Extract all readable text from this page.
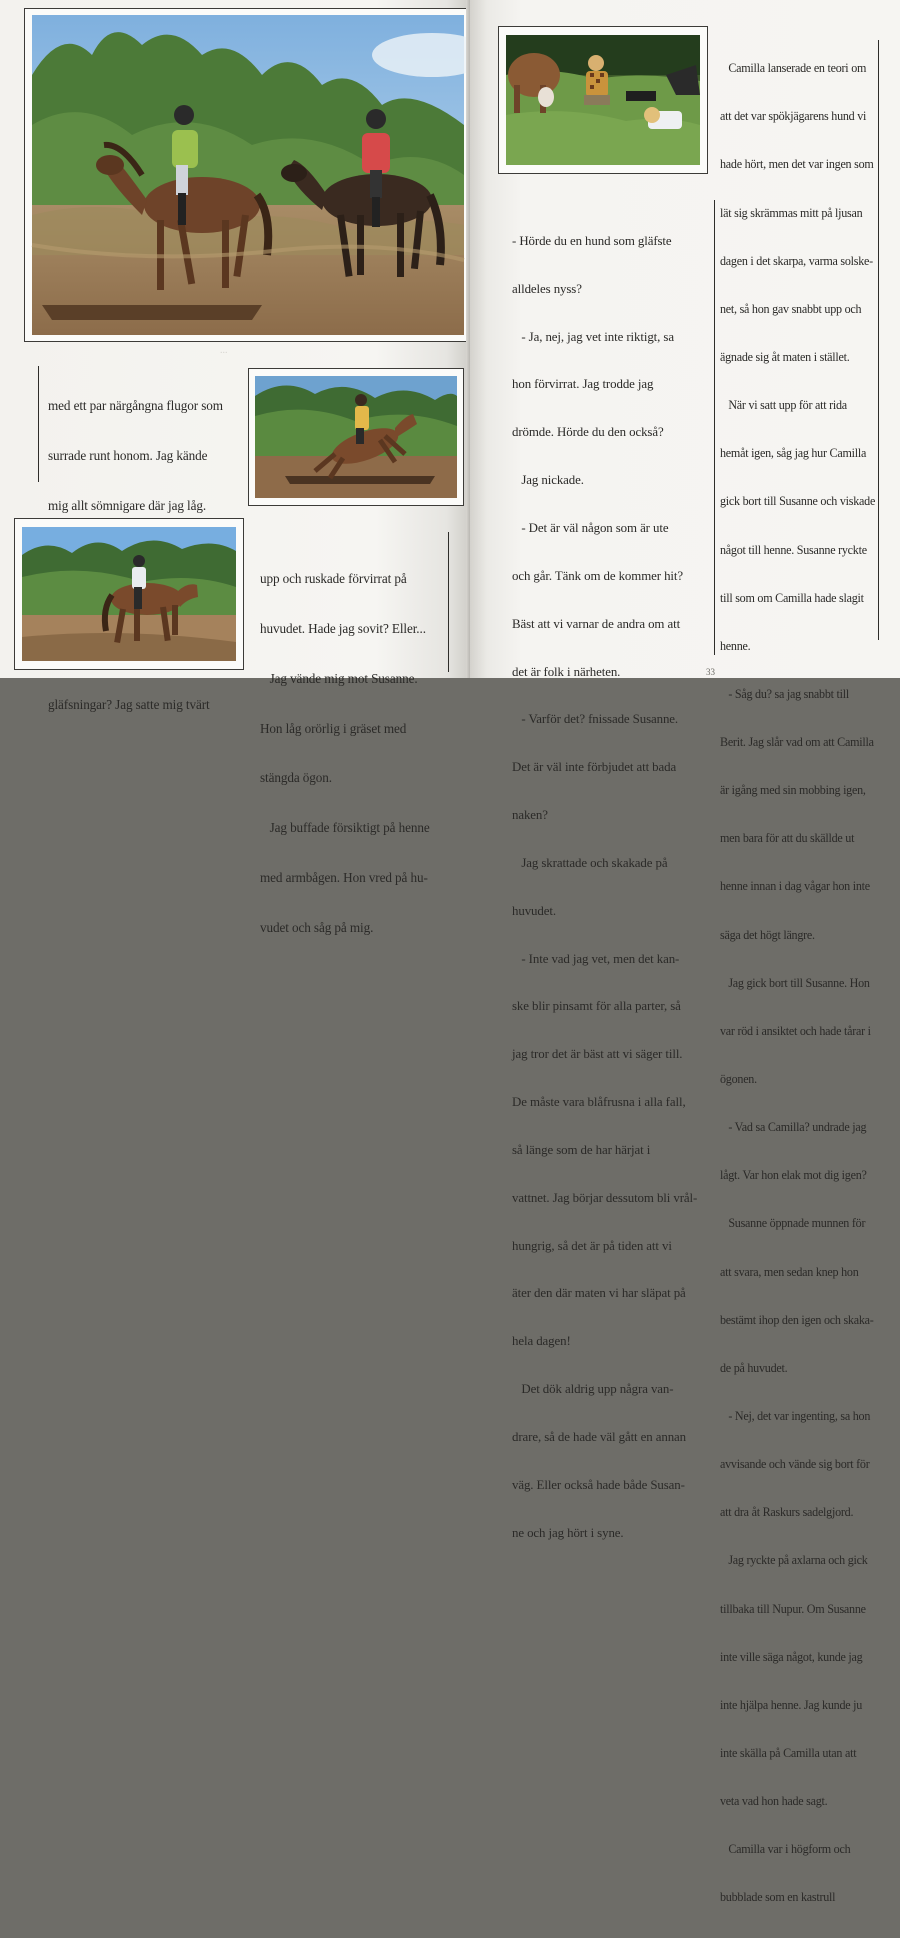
...

med ett par närgångna flugor som

surrade runt honom. Jag kände

mig allt sömnigare där jag låg.

gläfsningar? Jag satte mig tvärt

upp och ruskade förvirrat på

huvudet. Hade jag sovit? Eller...

Jag vände mig mot Susanne.

Hon låg orörlig i gräset med

stängda ögon.

Jag buffade försiktigt på henne

med armbågen. Hon vred på hu-

vudet och såg på mig.

- Hörde du en hund som gläfste

alldeles nyss?

- Ja, nej, jag vet inte riktigt, sa

hon förvirrat. Jag trodde jag

drömde. Hörde du den också?

Jag nickade.

- Det är väl någon som är ute

och går. Tänk om de kommer hit?

Bäst att vi varnar de andra om att

det är folk i närheten.

- Varför det? fnissade Susanne.

Det är väl inte förbjudet att bada

naken?

Jag skrattade och skakade på

huvudet.

- Inte vad jag vet, men det kan-

ske blir pinsamt för alla parter, så

jag tror det är bäst att vi säger till.

De måste vara blåfrusna i alla fall,

så länge som de har härjat i

vattnet. Jag börjar dessutom bli vrål-

hungrig, så det är på tiden att vi

äter den där maten vi har släpat på

hela dagen!

Det dök aldrig upp några van-

drare, så de hade väl gått en annan

väg. Eller också hade både Susan-

ne och jag hört i syne.

Camilla lanserade en teori om

att det var spökjägarens hund vi

hade hört, men det var ingen som

lät sig skrämmas mitt på ljusan

dagen i det skarpa, varma solske-

net, så hon gav snabbt upp och

ägnade sig åt maten i stället.

När vi satt upp för att rida

hemåt igen, såg jag hur Camilla

gick bort till Susanne och viskade

något till henne. Susanne ryckte

till som om Camilla hade slagit

henne.

- Såg du? sa jag snabbt till

Berit. Jag slår vad om att Camilla

är igång med sin mobbing igen,

men bara för att du skällde ut

henne innan i dag vågar hon inte

säga det högt längre.

Jag gick bort till Susanne. Hon

var röd i ansiktet och hade tårar i

ögonen.

- Vad sa Camilla? undrade jag

lågt. Var hon elak mot dig igen?

Susanne öppnade munnen för

att svara, men sedan knep hon

bestämt ihop den igen och skaka-

de på huvudet.

- Nej, det var ingenting, sa hon

avvisande och vände sig bort för

att dra åt Raskurs sadelgjord.

Jag ryckte på axlarna och gick

tillbaka till Nupur. Om Susanne

inte ville säga något, kunde jag

inte hjälpa henne. Jag kunde ju

inte skälla på Camilla utan att

veta vad hon hade sagt.

Camilla var i högform och

bubblade som en kastrull

33
